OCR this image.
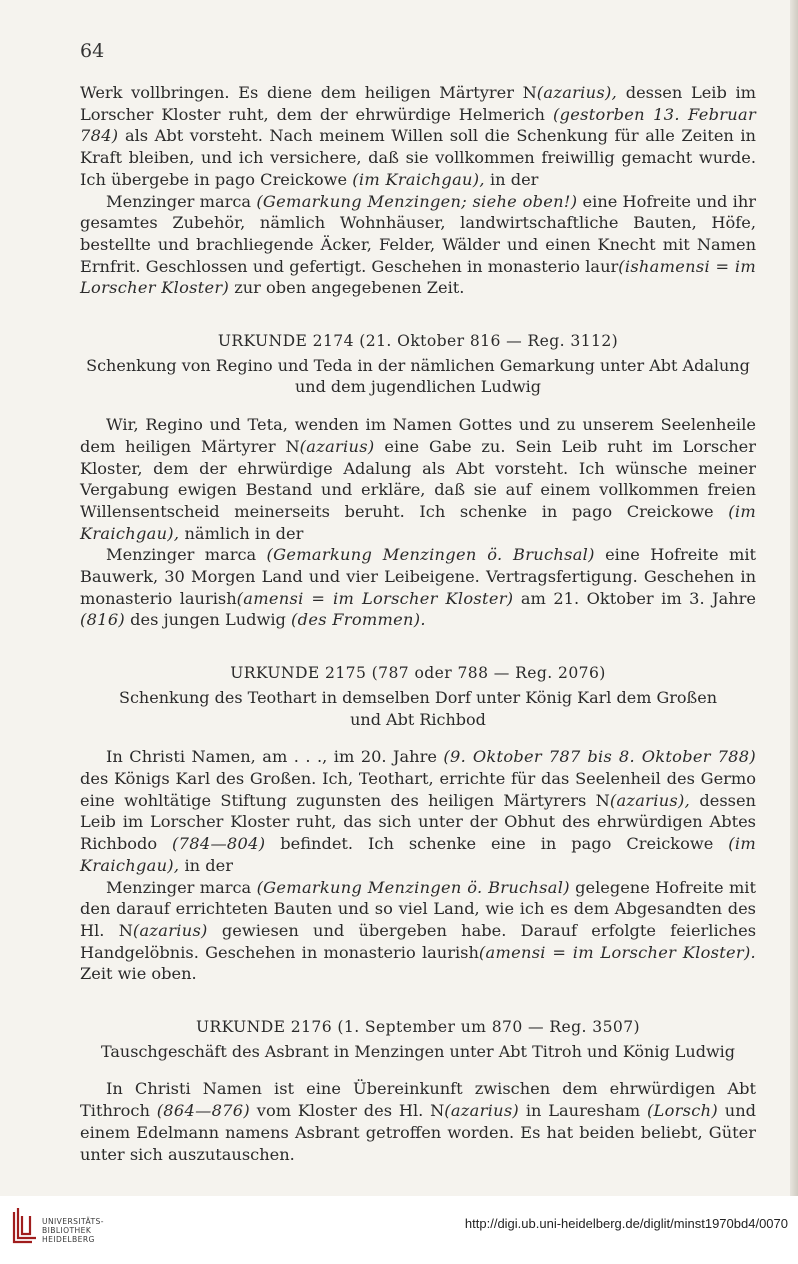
64

Werk vollbringen. Es diene dem heiligen Märtyrer N(azarius), dessen Leib im Lorscher Kloster ruht, dem der ehrwürdige Helmerich (gestorben 13. Februar 784) als Abt vorsteht. Nach meinem Willen soll die Schenkung für alle Zeiten in Kraft bleiben, und ich versichere, daß sie vollkommen freiwillig gemacht wurde. Ich übergebe in pago Creickowe (im Kraichgau), in der

Menzinger marca (Gemarkung Menzingen; siehe oben!) eine Hofreite und ihr gesamtes Zubehör, nämlich Wohnhäuser, landwirtschaftliche Bauten, Höfe, bestellte und brachliegende Äcker, Felder, Wälder und einen Knecht mit Namen Ernfrit. Geschlossen und gefertigt. Geschehen in monasterio laur(ishamensi = im Lorscher Kloster) zur oben angegebenen Zeit.

URKUNDE 2174 (21. Oktober 816 — Reg. 3112)

Schenkung von Regino und Teda in der nämlichen Gemarkung unter Abt Adalung

und dem jugendlichen Ludwig

Wir, Regino und Teta, wenden im Namen Gottes und zu unserem Seelenheile dem heiligen Märtyrer N(azarius) eine Gabe zu. Sein Leib ruht im Lorscher Kloster, dem der ehrwürdige Adalung als Abt vorsteht. Ich wünsche meiner Vergabung ewigen Bestand und erkläre, daß sie auf einem vollkommen freien Willensentscheid meinerseits beruht. Ich schenke in pago Creickowe (im Kraichgau), nämlich in der

Menzinger marca (Gemarkung Menzingen ö. Bruchsal) eine Hofreite mit Bauwerk, 30 Morgen Land und vier Leibeigene. Vertragsfertigung. Geschehen in monasterio laurish(amensi = im Lorscher Kloster) am 21. Oktober im 3. Jahre (816) des jungen Ludwig (des Frommen).

URKUNDE 2175 (787 oder 788 — Reg. 2076)

Schenkung des Teothart in demselben Dorf unter König Karl dem Großen

und Abt Richbod

In Christi Namen, am . . ., im 20. Jahre (9. Oktober 787 bis 8. Oktober 788) des Königs Karl des Großen. Ich, Teothart, errichte für das Seelenheil des Germo eine wohltätige Stiftung zugunsten des heiligen Märtyrers N(azarius), dessen Leib im Lorscher Kloster ruht, das sich unter der Obhut des ehrwürdigen Abtes Richbodo (784—804) befindet. Ich schenke eine in pago Creickowe (im Kraichgau), in der

Menzinger marca (Gemarkung Menzingen ö. Bruchsal) gelegene Hofreite mit den darauf errichteten Bauten und so viel Land, wie ich es dem Abgesandten des Hl. N(azarius) gewiesen und übergeben habe. Darauf erfolgte feierliches Handgelöbnis. Geschehen in monasterio laurish(amensi = im Lorscher Kloster). Zeit wie oben.

URKUNDE 2176 (1. September um 870 — Reg. 3507)

Tauschgeschäft des Asbrant in Menzingen unter Abt Titroh und König Ludwig

In Christi Namen ist eine Übereinkunft zwischen dem ehrwürdigen Abt Tithroch (864—876) vom Kloster des Hl. N(azarius) in Lauresham (Lorsch) und einem Edelmann namens Asbrant getroffen worden. Es hat beiden beliebt, Güter unter sich auszutauschen.

UNIVERSITÄTS-
BIBLIOTHEK
HEIDELBERG
http://digi.ub.uni-heidelberg.de/diglit/minst1970bd4/0070
